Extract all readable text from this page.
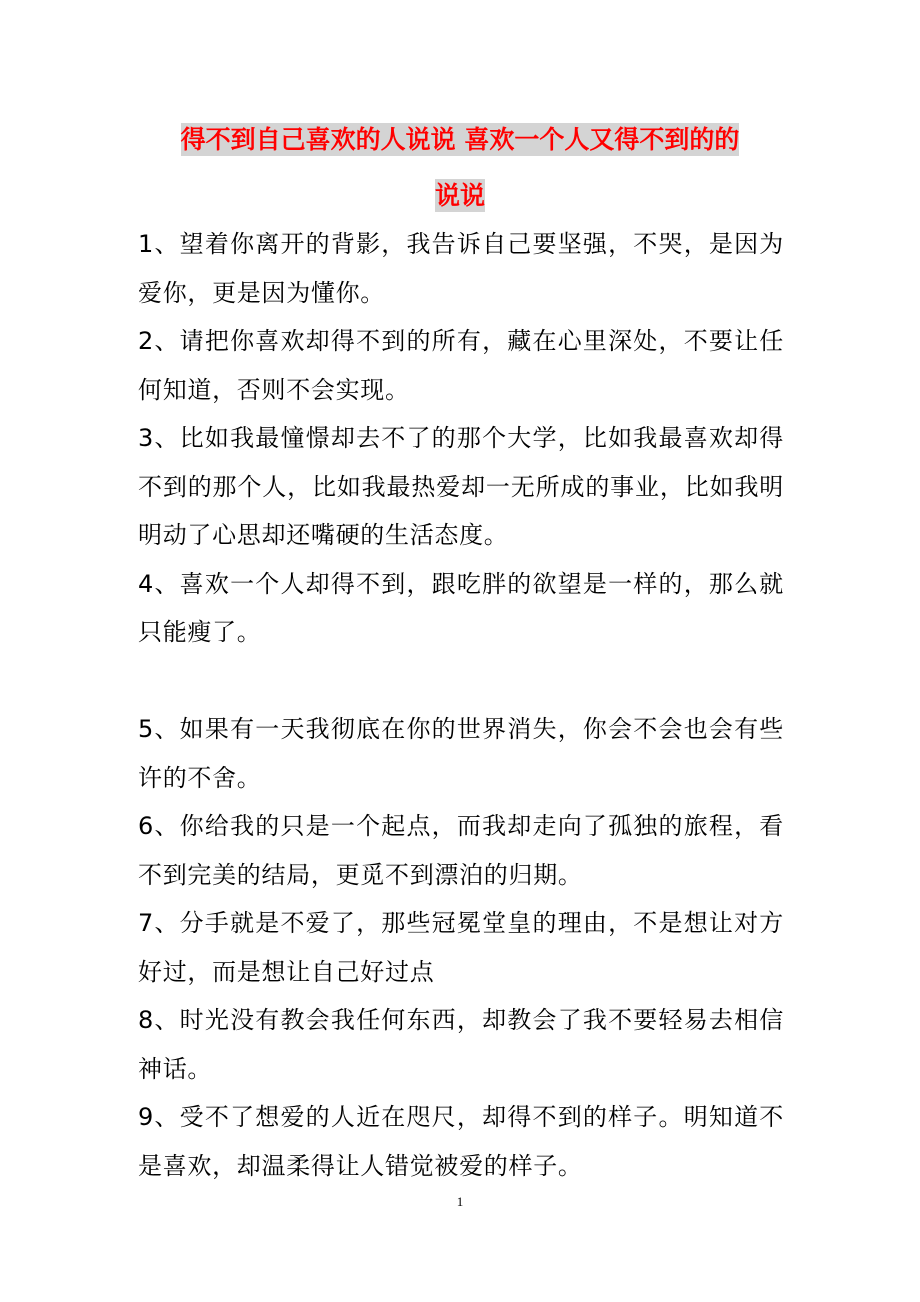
得不到自己喜欢的人说说 喜欢一个人又得不到的的
说说

1、望着你离开的背影，我告诉自己要坚强，不哭，是因为爱你，更是因为懂你。

2、请把你喜欢却得不到的所有，藏在心里深处，不要让任何知道，否则不会实现。

3、比如我最憧憬却去不了的那个大学，比如我最喜欢却得不到的那个人，比如我最热爱却一无所成的事业，比如我明明动了心思却还嘴硬的生活态度。

4、喜欢一个人却得不到，跟吃胖的欲望是一样的，那么就只能瘦了。

5、如果有一天我彻底在你的世界消失，你会不会也会有些许的不舍。

6、你给我的只是一个起点，而我却走向了孤独的旅程，看不到完美的结局，更觅不到漂泊的归期。

7、分手就是不爱了，那些冠冕堂皇的理由，不是想让对方好过，而是想让自己好过点

8、时光没有教会我任何东西，却教会了我不要轻易去相信神话。

9、受不了想爱的人近在咫尺，却得不到的样子。明知道不是喜欢，却温柔得让人错觉被爱的样子。

1
